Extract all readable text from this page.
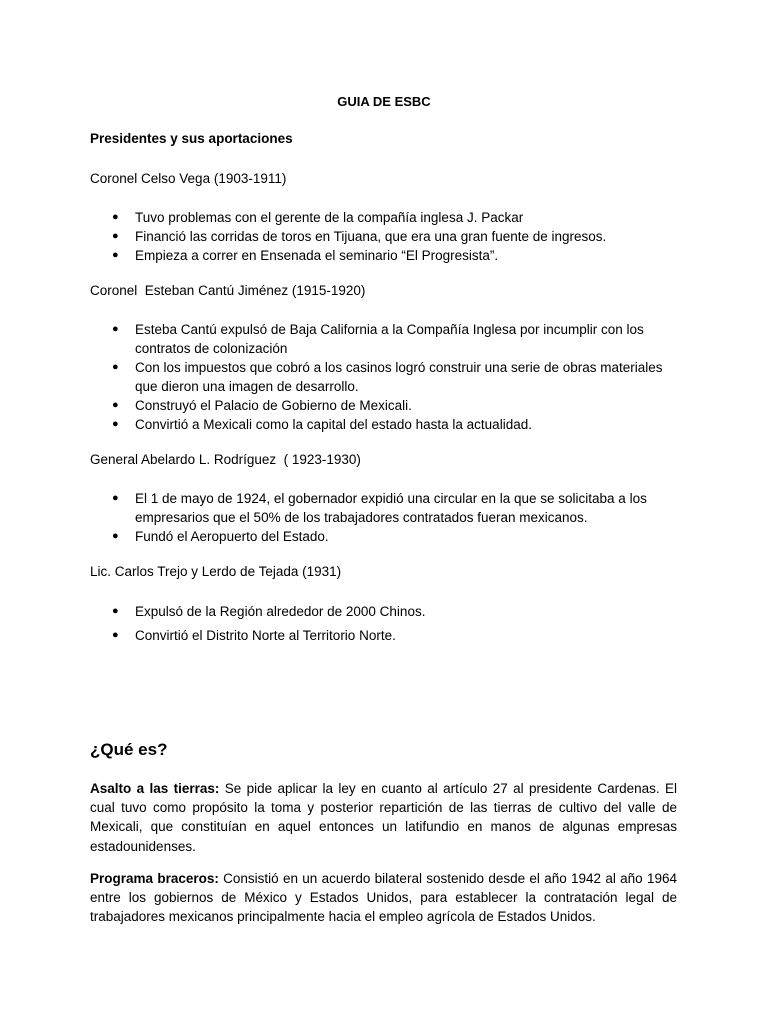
GUIA DE ESBC
Presidentes y sus aportaciones
Coronel Celso Vega (1903-1911)
● Tuvo problemas con el gerente de la compañía inglesa J. Packar
● Financió las corridas de toros en Tijuana, que era una gran fuente de ingresos.
● Empieza a correr en Ensenada el seminario “El Progresista”.
Coronel  Esteban Cantú Jiménez (1915-1920)
● Esteba Cantú expulsó de Baja California a la Compañía Inglesa por incumplir con los contratos de colonización
● Con los impuestos que cobró a los casinos logró construir una serie de obras materiales que dieron una imagen de desarrollo.
● Construyó el Palacio de Gobierno de Mexicali.
● Convirtió a Mexicali como la capital del estado hasta la actualidad.
General Abelardo L. Rodríguez  ( 1923-1930)
● El 1 de mayo de 1924, el gobernador expidió una circular en la que se solicitaba a los empresarios que el 50% de los trabajadores contratados fueran mexicanos.
● Fundó el Aeropuerto del Estado.
Lic. Carlos Trejo y Lerdo de Tejada (1931)
● Expulsó de la Región alrededor de 2000 Chinos.
● Convirtió el Distrito Norte al Territorio Norte.
¿Qué es?
Asalto a las tierras: Se pide aplicar la ley en cuanto al artículo 27 al presidente Cardenas. El cual tuvo como propósito la toma y posterior repartición de las tierras de cultivo del valle de Mexicali, que constituían en aquel entonces un latifundio en manos de algunas empresas estadounidenses.
Programa braceros: Consistió en un acuerdo bilateral sostenido desde el año 1942 al año 1964 entre los gobiernos de México y Estados Unidos, para establecer la contratación legal de trabajadores mexicanos principalmente hacia el empleo agrícola de Estados Unidos.
